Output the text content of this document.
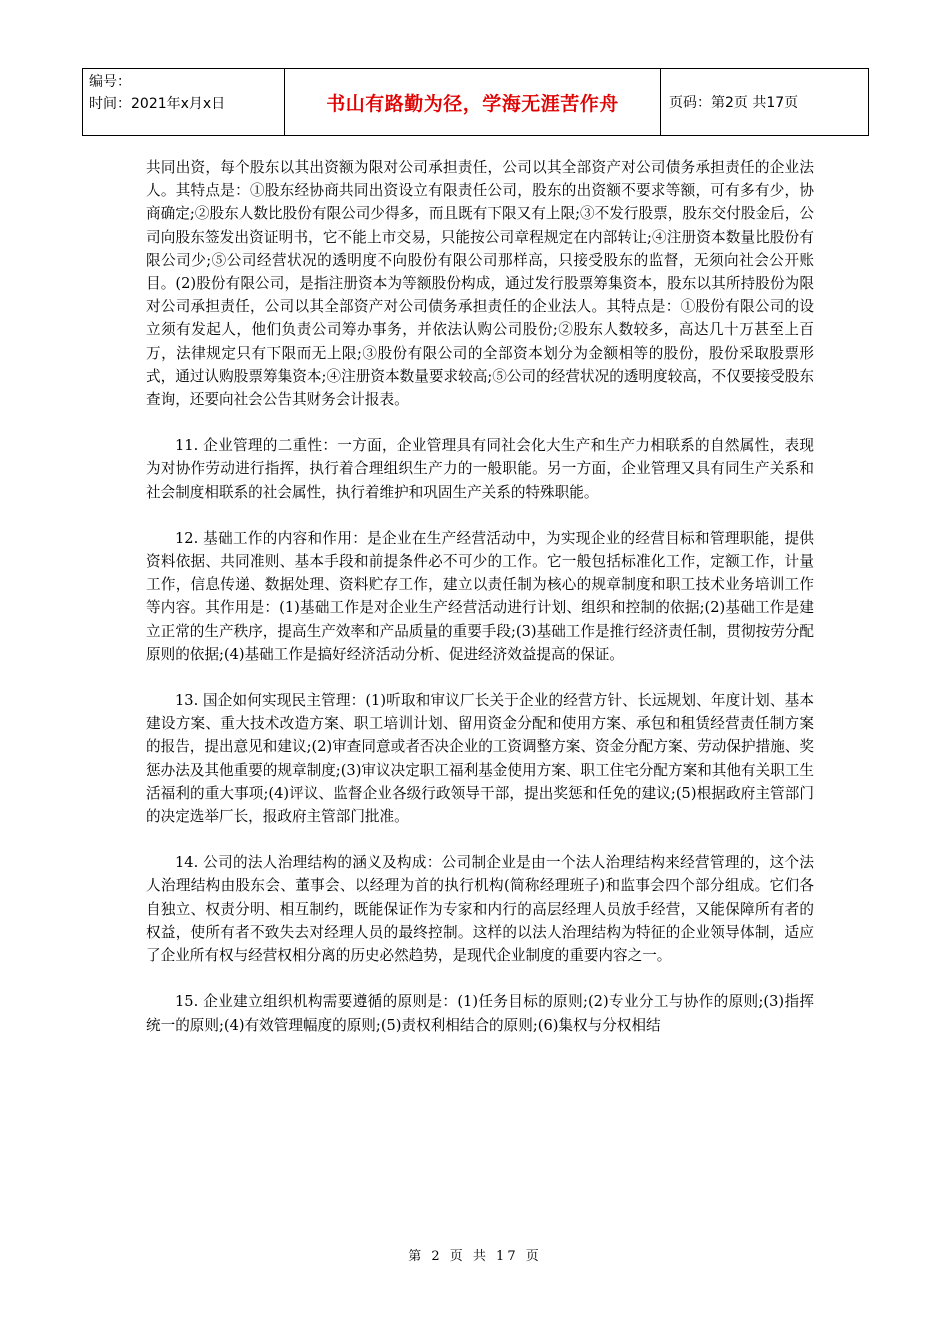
编号：
时间：2021年x月x日	书山有路勤为径，学海无涯苦作舟	页码：第2页 共17页

共同出资，每个股东以其出资额为限对公司承担责任，公司以其全部资产对公司债务承担责任的企业法人。其特点是：①股东经协商共同出资设立有限责任公司，股东的出资额不要求等额，可有多有少，协商确定;②股东人数比股份有限公司少得多，而且既有下限又有上限;③不发行股票，股东交付股金后，公司向股东签发出资证明书，它不能上市交易，只能按公司章程规定在内部转让;④注册资本数量比股份有限公司少;⑤公司经营状况的透明度不向股份有限公司那样高，只接受股东的监督，无须向社会公开账目。(2)股份有限公司，是指注册资本为等额股份构成，通过发行股票筹集资本，股东以其所持股份为限对公司承担责任，公司以其全部资产对公司债务承担责任的企业法人。其特点是：①股份有限公司的设立须有发起人，他们负责公司筹办事务，并依法认购公司股份;②股东人数较多，高达几十万甚至上百万，法律规定只有下限而无上限;③股份有限公司的全部资本划分为金额相等的股份，股份采取股票形式，通过认购股票筹集资本;④注册资本数量要求较高;⑤公司的经营状况的透明度较高，不仅要接受股东查询，还要向社会公告其财务会计报表。

11. 企业管理的二重性：一方面，企业管理具有同社会化大生产和生产力相联系的自然属性，表现为对协作劳动进行指挥，执行着合理组织生产力的一般职能。另一方面，企业管理又具有同生产关系和社会制度相联系的社会属性，执行着维护和巩固生产关系的特殊职能。

12. 基础工作的内容和作用：是企业在生产经营活动中，为实现企业的经营目标和管理职能，提供资料依据、共同准则、基本手段和前提条件必不可少的工作。它一般包括标准化工作，定额工作，计量工作，信息传递、数据处理、资料贮存工作，建立以责任制为核心的规章制度和职工技术业务培训工作等内容。其作用是：(1)基础工作是对企业生产经营活动进行计划、组织和控制的依据;(2)基础工作是建立正常的生产秩序，提高生产效率和产品质量的重要手段;(3)基础工作是推行经济责任制，贯彻按劳分配原则的依据;(4)基础工作是搞好经济活动分析、促进经济效益提高的保证。

13. 国企如何实现民主管理：(1)听取和审议厂长关于企业的经营方针、长远规划、年度计划、基本建设方案、重大技术改造方案、职工培训计划、留用资金分配和使用方案、承包和租赁经营责任制方案的报告，提出意见和建议;(2)审查同意或者否决企业的工资调整方案、资金分配方案、劳动保护措施、奖惩办法及其他重要的规章制度;(3)审议决定职工福利基金使用方案、职工住宅分配方案和其他有关职工生活福利的重大事项;(4)评议、监督企业各级行政领导干部，提出奖惩和任免的建议;(5)根据政府主管部门的决定选举厂长，报政府主管部门批准。

14. 公司的法人治理结构的涵义及构成：公司制企业是由一个法人治理结构来经营管理的，这个法人治理结构由股东会、董事会、以经理为首的执行机构(简称经理班子)和监事会四个部分组成。它们各自独立、权责分明、相互制约，既能保证作为专家和内行的高层经理人员放手经营，又能保障所有者的权益，使所有者不致失去对经理人员的最终控制。这样的以法人治理结构为特征的企业领导体制，适应了企业所有权与经营权相分离的历史必然趋势，是现代企业制度的重要内容之一。

15. 企业建立组织机构需要遵循的原则是：(1)任务目标的原则;(2)专业分工与协作的原则;(3)指挥统一的原则;(4)有效管理幅度的原则;(5)责权利相结合的原则;(6)集权与分权相结

第 2 页 共 17 页
